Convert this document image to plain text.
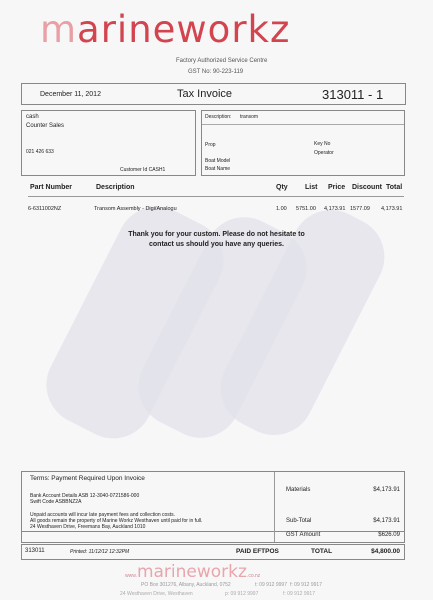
marineworkz
Factory Authorized Service Centre
GST No: 90-223-119
December 11, 2012	Tax Invoice	313011 - 1
cash
Counter Sales
021 426 633
Customer Id CASH1
Description: transom
Prop	Key No
Operator
Boat Model
Boat Name
Part Number	Description	Qty List Price Discount Total
6-6311002NZ	Transom Assembly - Digi/Analogu	1.00 5751.00 4,173.91 1577.09 4,173.91
Thank you for your custom. Please do not hesitate to
contact us should you have any queries.
Terms: Payment Required Upon Invoice
Bank Account Details ASB 12-3040-0721586-000
Swift Code ASBBNZ2A
Unpaid accounts will incur late payment fees and collection costs.
All goods remain the property of Marine Workz Westhaven until paid for in full.
24 Westhaven Drive, Freemans Bay, Auckland 1010
Materials	$4,173.91
Sub-Total	$4,173.91
GST Amount	$626.09
313011	Printed: 11/12/12 12:32PM	PAID EFTPOS	TOTAL	$4,800.00
www.marineworkz.co.nz
PO Box 301276, Albany, Auckland, 0752	t: 09 912 9997 f: 09 912 9917
24 Westhaven Drive, Westhaven	p: 09 912 9997	f: 09 912 9917
